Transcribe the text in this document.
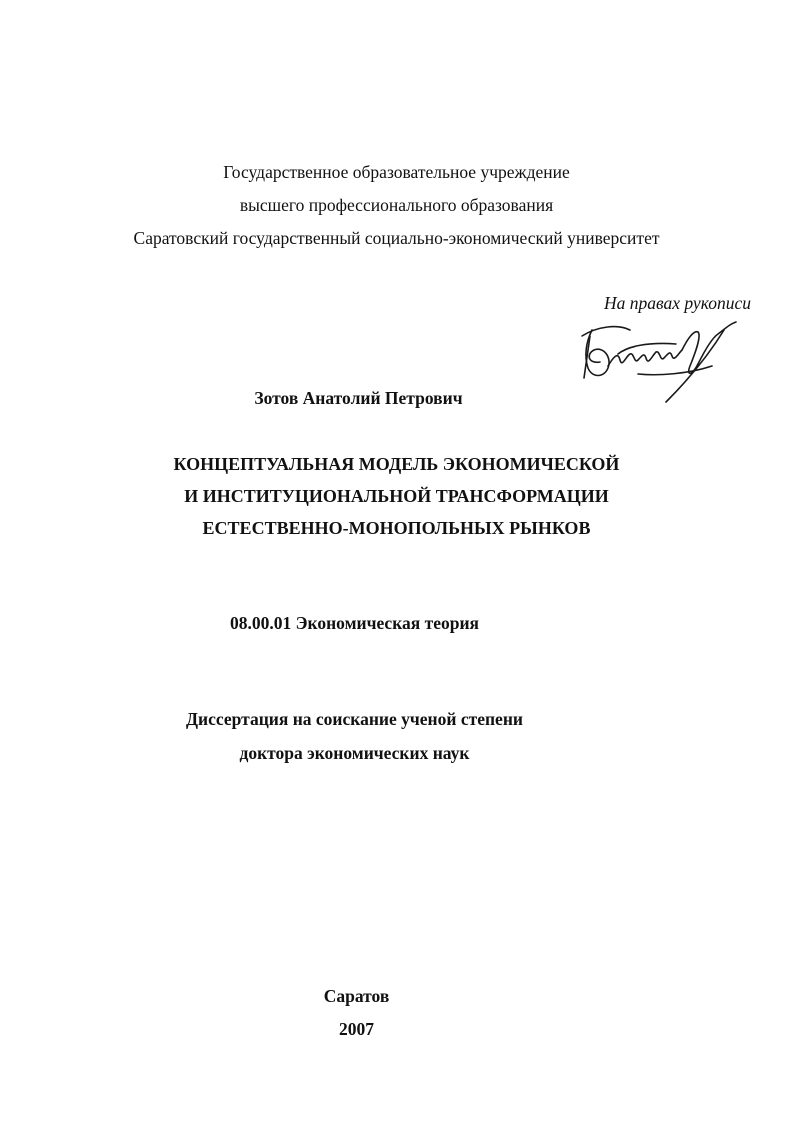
Государственное образовательное учреждение
высшего профессионального образования
Саратовский государственный социально-экономический университет
На правах рукописи
Зотов Анатолий Петрович
КОНЦЕПТУАЛЬНАЯ МОДЕЛЬ ЭКОНОМИЧЕСКОЙ
И ИНСТИТУЦИОНАЛЬНОЙ ТРАНСФОРМАЦИИ
ЕСТЕСТВЕННО-МОНОПОЛЬНЫХ РЫНКОВ
08.00.01 Экономическая теория
Диссертация на соискание ученой степени
доктора экономических наук
Саратов
2007
